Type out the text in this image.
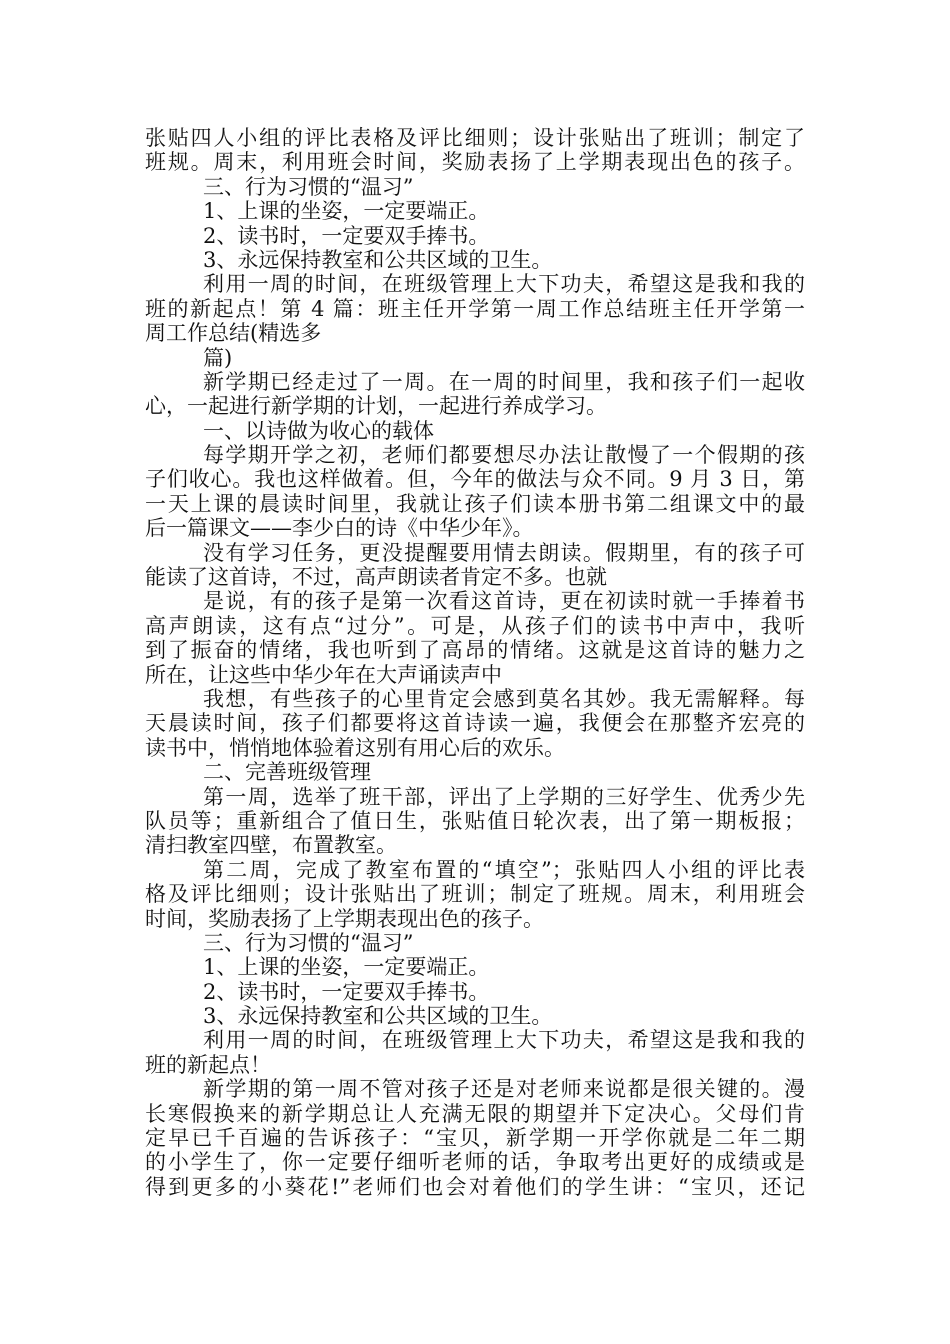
张贴四人小组的评比表格及评比细则；设计张贴出了班训；制定了
班规。周末，利用班会时间，奖励表扬了上学期表现出色的孩子。
三、行为习惯的“温习”
1、上课的坐姿，一定要端正。
2、读书时，一定要双手捧书。
3、永远保持教室和公共区域的卫生。
利用一周的时间，在班级管理上大下功夫，希望这是我和我的
班的新起点！第 4 篇：班主任开学第一周工作总结班主任开学第一
周工作总结(精选多
篇)
新学期已经走过了一周。在一周的时间里，我和孩子们一起收
心，一起进行新学期的计划，一起进行养成学习。
一、以诗做为收心的载体
每学期开学之初，老师们都要想尽办法让散慢了一个假期的孩
子们收心。我也这样做着。但，今年的做法与众不同。9 月 3 日，第
一天上课的晨读时间里，我就让孩子们读本册书第二组课文中的最
后一篇课文——李少白的诗《中华少年》。
没有学习任务，更没提醒要用情去朗读。假期里，有的孩子可
能读了这首诗，不过，高声朗读者肯定不多。也就
是说，有的孩子是第一次看这首诗，更在初读时就一手捧着书
高声朗读，这有点“过分”。可是，从孩子们的读书中声中，我听
到了振奋的情绪，我也听到了高昂的情绪。这就是这首诗的魅力之
所在，让这些中华少年在大声诵读声中
我想，有些孩子的心里肯定会感到莫名其妙。我无需解释。每
天晨读时间，孩子们都要将这首诗读一遍，我便会在那整齐宏亮的
读书中，悄悄地体验着这别有用心后的欢乐。
二、完善班级管理
第一周，选举了班干部，评出了上学期的三好学生、优秀少先
队员等；重新组合了值日生，张贴值日轮次表，出了第一期板报；
清扫教室四壁，布置教室。
第二周，完成了教室布置的“填空”；张贴四人小组的评比表
格及评比细则；设计张贴出了班训；制定了班规。周末，利用班会
时间，奖励表扬了上学期表现出色的孩子。
三、行为习惯的“温习”
1、上课的坐姿，一定要端正。
2、读书时，一定要双手捧书。
3、永远保持教室和公共区域的卫生。
利用一周的时间，在班级管理上大下功夫，希望这是我和我的
班的新起点！
新学期的第一周不管对孩子还是对老师来说都是很关键的。漫
长寒假换来的新学期总让人充满无限的期望并下定决心。父母们肯
定早已千百遍的告诉孩子：“宝贝，新学期一开学你就是二年二期
的小学生了，你一定要仔细听老师的话，争取考出更好的成绩或是
得到更多的小葵花!”老师们也会对着他们的学生讲：“宝贝，还记
